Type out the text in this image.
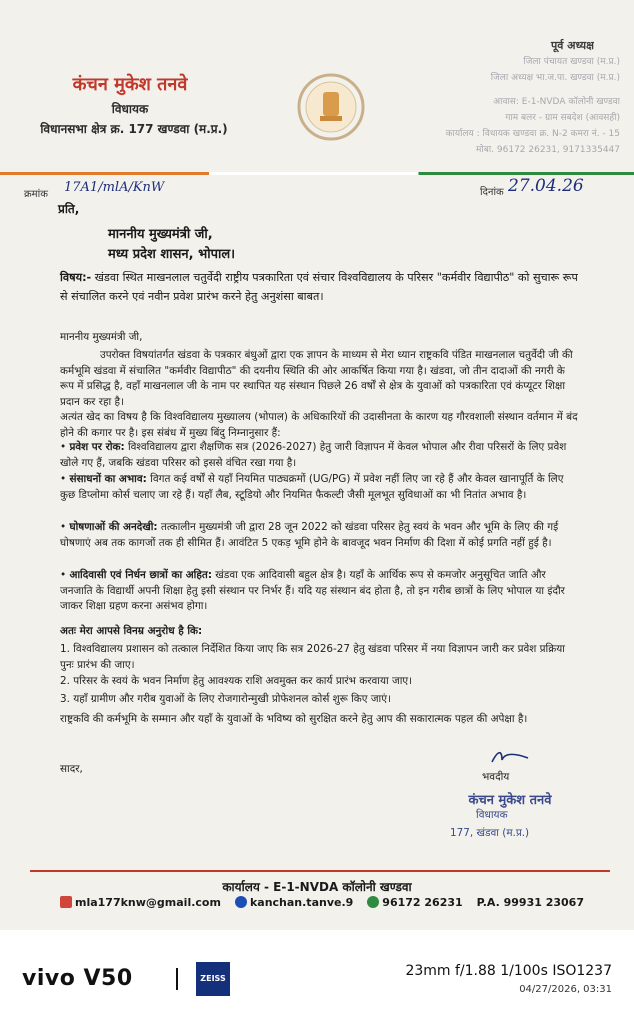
कंचन मुकेश तनवे
विधायक
विधानसभा क्षेत्र क्र. 177 खण्डवा (म.प्र.)
पूर्व अध्यक्ष
जिला पंचायत खण्डवा (म.प्र.)
जिला अध्यक्ष भा.ज.पा. खण्डवा (म.प्र.)
आवास: E-1-NVDA कॉलोनी खण्डवा
गाम बलर - ग्राम सबदेश (आवसही)
कार्यालय : विधायक खण्डवा क्र. N-2 कमरा नं. - 15
मोबा. 96172 26231, 9171335447
क्रमांक 17A1/mlA/KnW
प्रति,
दिनांक 27.04.26
माननीय मुख्यमंत्री जी,
मध्य प्रदेश शासन, भोपाल।
विषय:- खंडवा स्थित माखनलाल चतुर्वेदी राष्ट्रीय पत्रकारिता एवं संचार विश्वविद्यालय के परिसर "कर्मवीर विद्यापीठ" को सुचारू रूप से संचालित करने एवं नवीन प्रवेश प्रारंभ करने हेतु अनुशंसा बाबत।
माननीय मुख्यमंत्री जी,
उपरोक्त विषयांतर्गत खंडवा के पत्रकार बंधुओं द्वारा एक ज्ञापन के माध्यम से मेरा ध्यान राष्ट्रकवि पंडित माखनलाल चतुर्वेदी जी की कर्मभूमि खंडवा में संचालित "कर्मवीर विद्यापीठ" की दयनीय स्थिति की ओर आकर्षित किया गया है। खंडवा, जो तीन दादाओं की नगरी के रूप में प्रसिद्ध है, वहाँ माखनलाल जी के नाम पर स्थापित यह संस्थान पिछले 26 वर्षों से क्षेत्र के युवाओं को पत्रकारिता एवं कंप्यूटर शिक्षा प्रदान कर रहा है।
अत्यंत खेद का विषय है कि विश्वविद्यालय मुख्यालय (भोपाल) के अधिकारियों की उदासीनता के कारण यह गौरवशाली संस्थान वर्तमान में बंद होने की कगार पर है। इस संबंध में मुख्य बिंदु निम्नानुसार हैं:
• प्रवेश पर रोक: विश्वविद्यालय द्वारा शैक्षणिक सत्र (2026-2027) हेतु जारी विज्ञापन में केवल भोपाल और रीवा परिसरों के लिए प्रवेश खोले गए हैं, जबकि खंडवा परिसर को इससे वंचित रखा गया है।
• संसाधनों का अभाव: विगत कई वर्षों से यहाँ नियमित पाठ्यक्रमों (UG/PG) में प्रवेश नहीं लिए जा रहे हैं और केवल खानापूर्ति के लिए कुछ डिप्लोमा कोर्स चलाए जा रहे हैं। यहाँ लैब, स्टूडियो और नियमित फैकल्टी जैसी मूलभूत सुविधाओं का भी नितांत अभाव है।
• घोषणाओं की अनदेखी: तत्कालीन मुख्यमंत्री जी द्वारा 28 जून 2022 को खंडवा परिसर हेतु स्वयं के भवन और भूमि के लिए की गई घोषणाएं अब तक कागजों तक ही सीमित हैं। आवंटित 5 एकड़ भूमि होने के बावजूद भवन निर्माण की दिशा में कोई प्रगति नहीं हुई है।
• आदिवासी एवं निर्धन छात्रों का अहित: खंडवा एक आदिवासी बहुल क्षेत्र है। यहाँ के आर्थिक रूप से कमजोर अनुसूचित जाति और जनजाति के विद्यार्थी अपनी शिक्षा हेतु इसी संस्थान पर निर्भर हैं। यदि यह संस्थान बंद होता है, तो इन गरीब छात्रों के लिए भोपाल या इंदौर जाकर शिक्षा ग्रहण करना असंभव होगा।
अतः मेरा आपसे विनम्र अनुरोध है कि:
1. विश्वविद्यालय प्रशासन को तत्काल निर्देशित किया जाए कि सत्र 2026-27 हेतु खंडवा परिसर में नया विज्ञापन जारी कर प्रवेश प्रक्रिया पुनः प्रारंभ की जाए।
2. परिसर के स्वयं के भवन निर्माण हेतु आवश्यक राशि अवमुक्त कर कार्य प्रारंभ करवाया जाए।
3. यहाँ ग्रामीण और गरीब युवाओं के लिए रोजगारोन्मुखी प्रोफेशनल कोर्स शुरू किए जाएं।
राष्ट्रकवि की कर्मभूमि के सम्मान और यहाँ के युवाओं के भविष्य को सुरक्षित करने हेतु आप की सकारात्मक पहल की अपेक्षा है।
सादर,
भवदीय
कंचन मुकेश तनवे
विधायक
177, खंडवा (म.प्र.)
कार्यालय - E-1-NVDA कॉलोनी खण्डवा
mla177knw@gmail.com	kanchan.tanve.9	96172 26231 P.A. 99931 23067
vivo V50	ZEISS	23mm f/1.88 1/100s ISO1237
04/27/2026, 03:31
